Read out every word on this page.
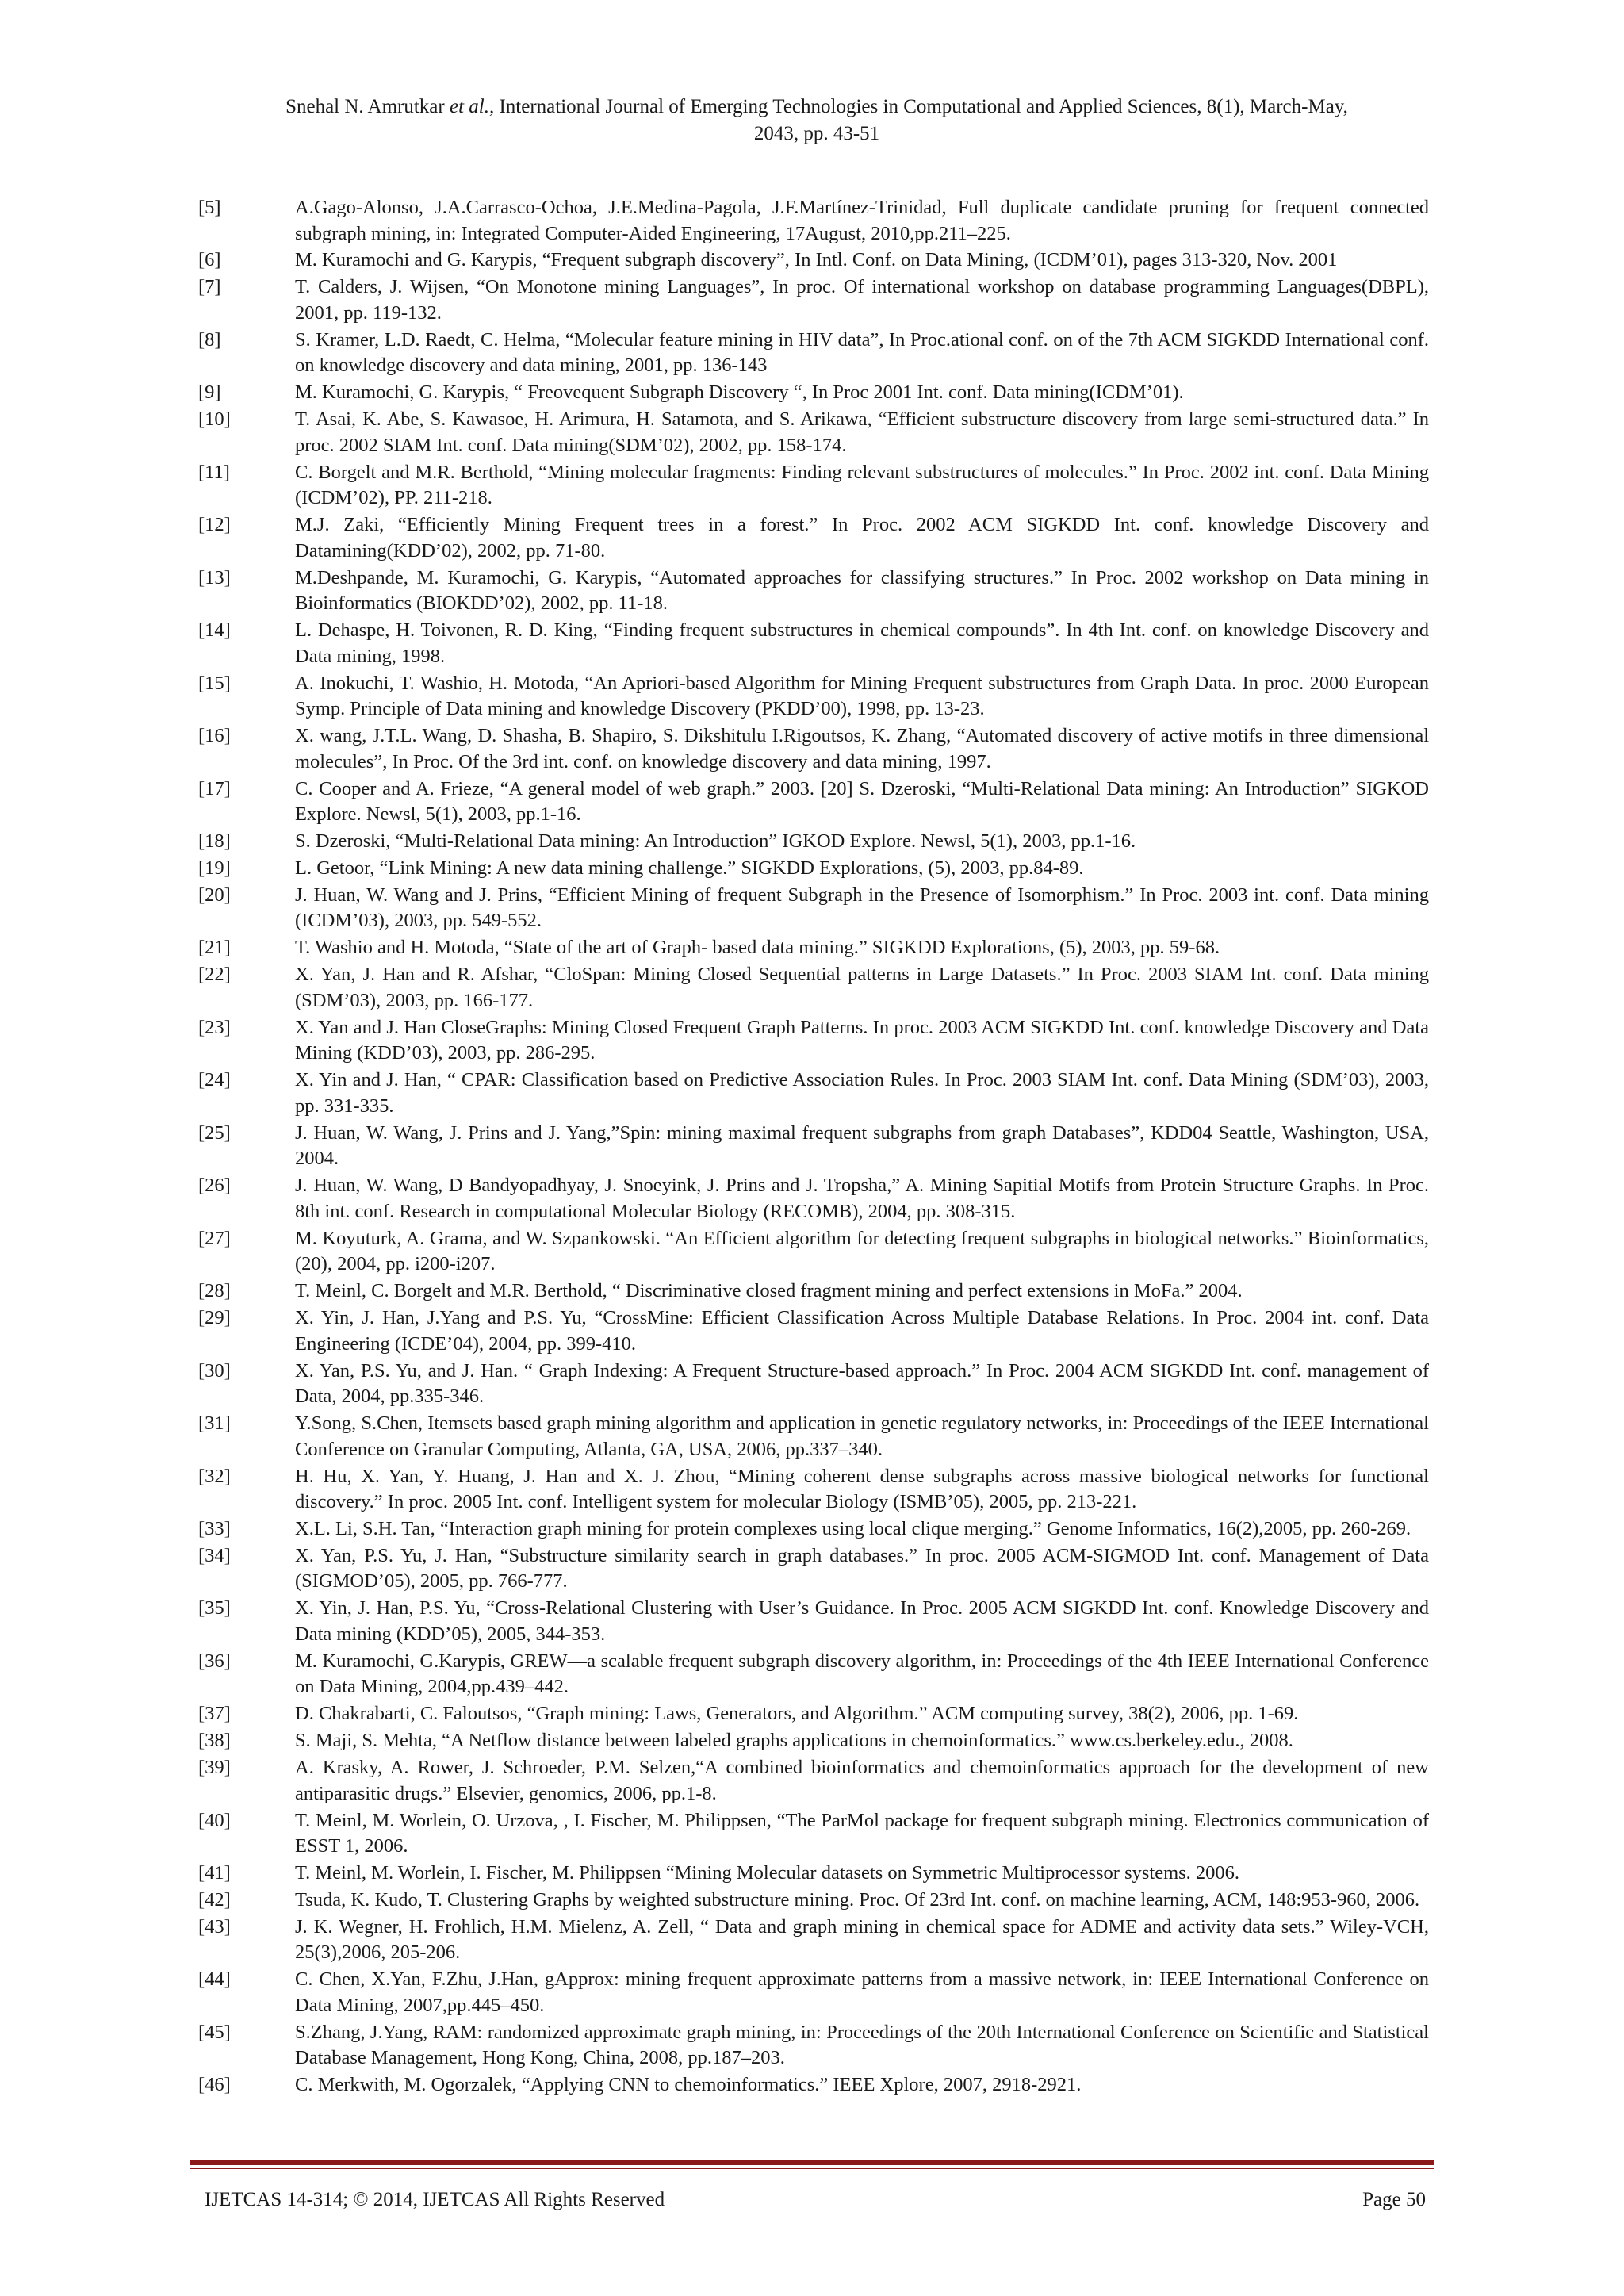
Snehal N. Amrutkar et al., International Journal of Emerging Technologies in Computational and Applied Sciences, 8(1), March-May,
2043, pp. 43-51
[5]	A.Gago-Alonso, J.A.Carrasco-Ochoa, J.E.Medina-Pagola, J.F.Martínez-Trinidad, Full duplicate candidate pruning for frequent connected subgraph mining, in: Integrated Computer-Aided Engineering, 17August, 2010,pp.211–225.
[6]	M. Kuramochi and G. Karypis, “Frequent subgraph discovery”, In Intl. Conf. on Data Mining, (ICDM’01), pages 313-320, Nov. 2001
[7]	T. Calders, J. Wijsen, “On Monotone mining Languages”, In proc. Of international workshop on database programming Languages(DBPL), 2001, pp. 119-132.
[8]	S. Kramer, L.D. Raedt, C. Helma, “Molecular feature mining in HIV data”, In Proc.ational conf. on of the 7th ACM SIGKDD International conf. on knowledge discovery and data mining, 2001, pp. 136-143
[9]	M. Kuramochi, G. Karypis, “ Freovequent Subgraph Discovery “, In Proc 2001 Int. conf. Data mining(ICDM’01).
[10]	T. Asai, K. Abe, S. Kawasoe, H. Arimura, H. Satamota, and S. Arikawa, “Efficient substructure discovery from large semi-structured data.” In proc. 2002 SIAM Int. conf. Data mining(SDM’02), 2002, pp. 158-174.
[11]	C. Borgelt and M.R. Berthold, “Mining molecular fragments: Finding relevant substructures of molecules.” In Proc. 2002 int. conf. Data Mining (ICDM’02), PP. 211-218.
[12]	M.J. Zaki, “Efficiently Mining Frequent trees in a forest.” In Proc. 2002 ACM SIGKDD Int. conf. knowledge Discovery and Datamining(KDD’02), 2002, pp. 71-80.
[13]	M.Deshpande, M. Kuramochi, G. Karypis, “Automated approaches for classifying structures.” In Proc. 2002 workshop on Data mining in Bioinformatics (BIOKDD’02), 2002, pp. 11-18.
[14]	L. Dehaspe, H. Toivonen, R. D. King, “Finding frequent substructures in chemical compounds”. In 4th Int. conf. on knowledge Discovery and Data mining, 1998.
[15]	A. Inokuchi, T. Washio, H. Motoda, “An Apriori-based Algorithm for Mining Frequent substructures from Graph Data. In proc. 2000 European Symp. Principle of Data mining and knowledge Discovery (PKDD’00), 1998, pp. 13-23.
[16]	X. wang, J.T.L. Wang, D. Shasha, B. Shapiro, S. Dikshitulu I.Rigoutsos, K. Zhang, “Automated discovery of active motifs in three dimensional molecules”, In Proc. Of the 3rd int. conf. on knowledge discovery and data mining, 1997.
[17]	C. Cooper and A. Frieze, “A general model of web graph.” 2003. [20] S. Dzeroski, “Multi-Relational Data mining: An Introduction” SIGKOD Explore. Newsl, 5(1), 2003, pp.1-16.
[18]	S. Dzeroski, “Multi-Relational Data mining: An Introduction” IGKOD Explore. Newsl, 5(1), 2003, pp.1-16.
[19]	L. Getoor, “Link Mining: A new data mining challenge.” SIGKDD Explorations, (5), 2003, pp.84-89.
[20]	J. Huan, W. Wang and J. Prins, “Efficient Mining of frequent Subgraph in the Presence of Isomorphism.” In Proc. 2003 int. conf. Data mining (ICDM’03), 2003, pp. 549-552.
[21]	T. Washio and H. Motoda, “State of the art of Graph- based data mining.” SIGKDD Explorations, (5), 2003, pp. 59-68.
[22]	X. Yan, J. Han and R. Afshar, “CloSpan: Mining Closed Sequential patterns in Large Datasets.” In Proc. 2003 SIAM Int. conf. Data mining (SDM’03), 2003, pp. 166-177.
[23]	X. Yan and J. Han CloseGraphs: Mining Closed Frequent Graph Patterns. In proc. 2003 ACM SIGKDD Int. conf. knowledge Discovery and Data Mining (KDD’03), 2003, pp. 286-295.
[24]	X. Yin and J. Han, “ CPAR: Classification based on Predictive Association Rules. In Proc. 2003 SIAM Int. conf. Data Mining (SDM’03), 2003, pp. 331-335.
[25]	J. Huan, W. Wang, J. Prins and J. Yang,”Spin: mining maximal frequent subgraphs from graph Databases”, KDD04 Seattle, Washington, USA, 2004.
[26]	J. Huan, W. Wang, D Bandyopadhyay, J. Snoeyink, J. Prins and J. Tropsha,” A. Mining Sapitial Motifs from Protein Structure Graphs. In Proc. 8th int. conf. Research in computational Molecular Biology (RECOMB), 2004, pp. 308-315.
[27]	M. Koyuturk, A. Grama, and W. Szpankowski. “An Efficient algorithm for detecting frequent subgraphs in biological networks.” Bioinformatics, (20), 2004, pp. i200-i207.
[28]	T. Meinl, C. Borgelt and M.R. Berthold, “ Discriminative closed fragment mining and perfect extensions in MoFa.” 2004.
[29]	X. Yin, J. Han, J.Yang and P.S. Yu, “CrossMine: Efficient Classification Across Multiple Database Relations. In Proc. 2004 int. conf. Data Engineering (ICDE’04), 2004, pp. 399-410.
[30]	X. Yan, P.S. Yu, and J. Han. “ Graph Indexing: A Frequent Structure-based approach.” In Proc. 2004 ACM SIGKDD Int. conf. management of Data, 2004, pp.335-346.
[31]	Y.Song, S.Chen, Itemsets based graph mining algorithm and application in genetic regulatory networks, in: Proceedings of the IEEE International Conference on Granular Computing, Atlanta, GA, USA, 2006, pp.337–340.
[32]	H. Hu, X. Yan, Y. Huang, J. Han and X. J. Zhou, “Mining coherent dense subgraphs across massive biological networks for functional discovery.” In proc. 2005 Int. conf. Intelligent system for molecular Biology (ISMB’05), 2005, pp. 213-221.
[33]	X.L. Li, S.H. Tan, “Interaction graph mining for protein complexes using local clique merging.” Genome Informatics, 16(2),2005, pp. 260-269.
[34]	X. Yan, P.S. Yu, J. Han, “Substructure similarity search in graph databases.” In proc. 2005 ACM-SIGMOD Int. conf. Management of Data (SIGMOD’05), 2005, pp. 766-777.
[35]	X. Yin, J. Han, P.S. Yu, “Cross-Relational Clustering with User’s Guidance. In Proc. 2005 ACM SIGKDD Int. conf. Knowledge Discovery and Data mining (KDD’05), 2005, 344-353.
[36]	M. Kuramochi, G.Karypis, GREW—a scalable frequent subgraph discovery algorithm, in: Proceedings of the 4th IEEE International Conference on Data Mining, 2004,pp.439–442.
[37]	D. Chakrabarti, C. Faloutsos, “Graph mining: Laws, Generators, and Algorithm.” ACM computing survey, 38(2), 2006, pp. 1-69.
[38]	S. Maji, S. Mehta, “A Netflow distance between labeled graphs applications in chemoinformatics.” www.cs.berkeley.edu., 2008.
[39]	A. Krasky, A. Rower, J. Schroeder, P.M. Selzen,“A combined bioinformatics and chemoinformatics approach for the development of new antiparasitic drugs.” Elsevier, genomics, 2006, pp.1-8.
[40]	T. Meinl, M. Worlein, O. Urzova, , I. Fischer, M. Philippsen, “The ParMol package for frequent subgraph mining. Electronics communication of ESST 1, 2006.
[41]	T. Meinl, M. Worlein, I. Fischer, M. Philippsen “Mining Molecular datasets on Symmetric Multiprocessor systems. 2006.
[42]	Tsuda, K. Kudo, T. Clustering Graphs by weighted substructure mining. Proc. Of 23rd Int. conf. on machine learning, ACM, 148:953-960, 2006.
[43]	J. K. Wegner, H. Frohlich, H.M. Mielenz, A. Zell, “ Data and graph mining in chemical space for ADME and activity data sets.” Wiley-VCH, 25(3),2006, 205-206.
[44]	C. Chen, X.Yan, F.Zhu, J.Han, gApprox: mining frequent approximate patterns from a massive network, in: IEEE International Conference on Data Mining, 2007,pp.445–450.
[45]	S.Zhang, J.Yang, RAM: randomized approximate graph mining, in: Proceedings of the 20th International Conference on Scientific and Statistical Database Management, Hong Kong, China, 2008, pp.187–203.
[46]	C. Merkwith, M. Ogorzalek, “Applying CNN to chemoinformatics.” IEEE Xplore, 2007, 2918-2921.
IJETCAS 14-314; © 2014, IJETCAS All Rights Reserved	Page 50
